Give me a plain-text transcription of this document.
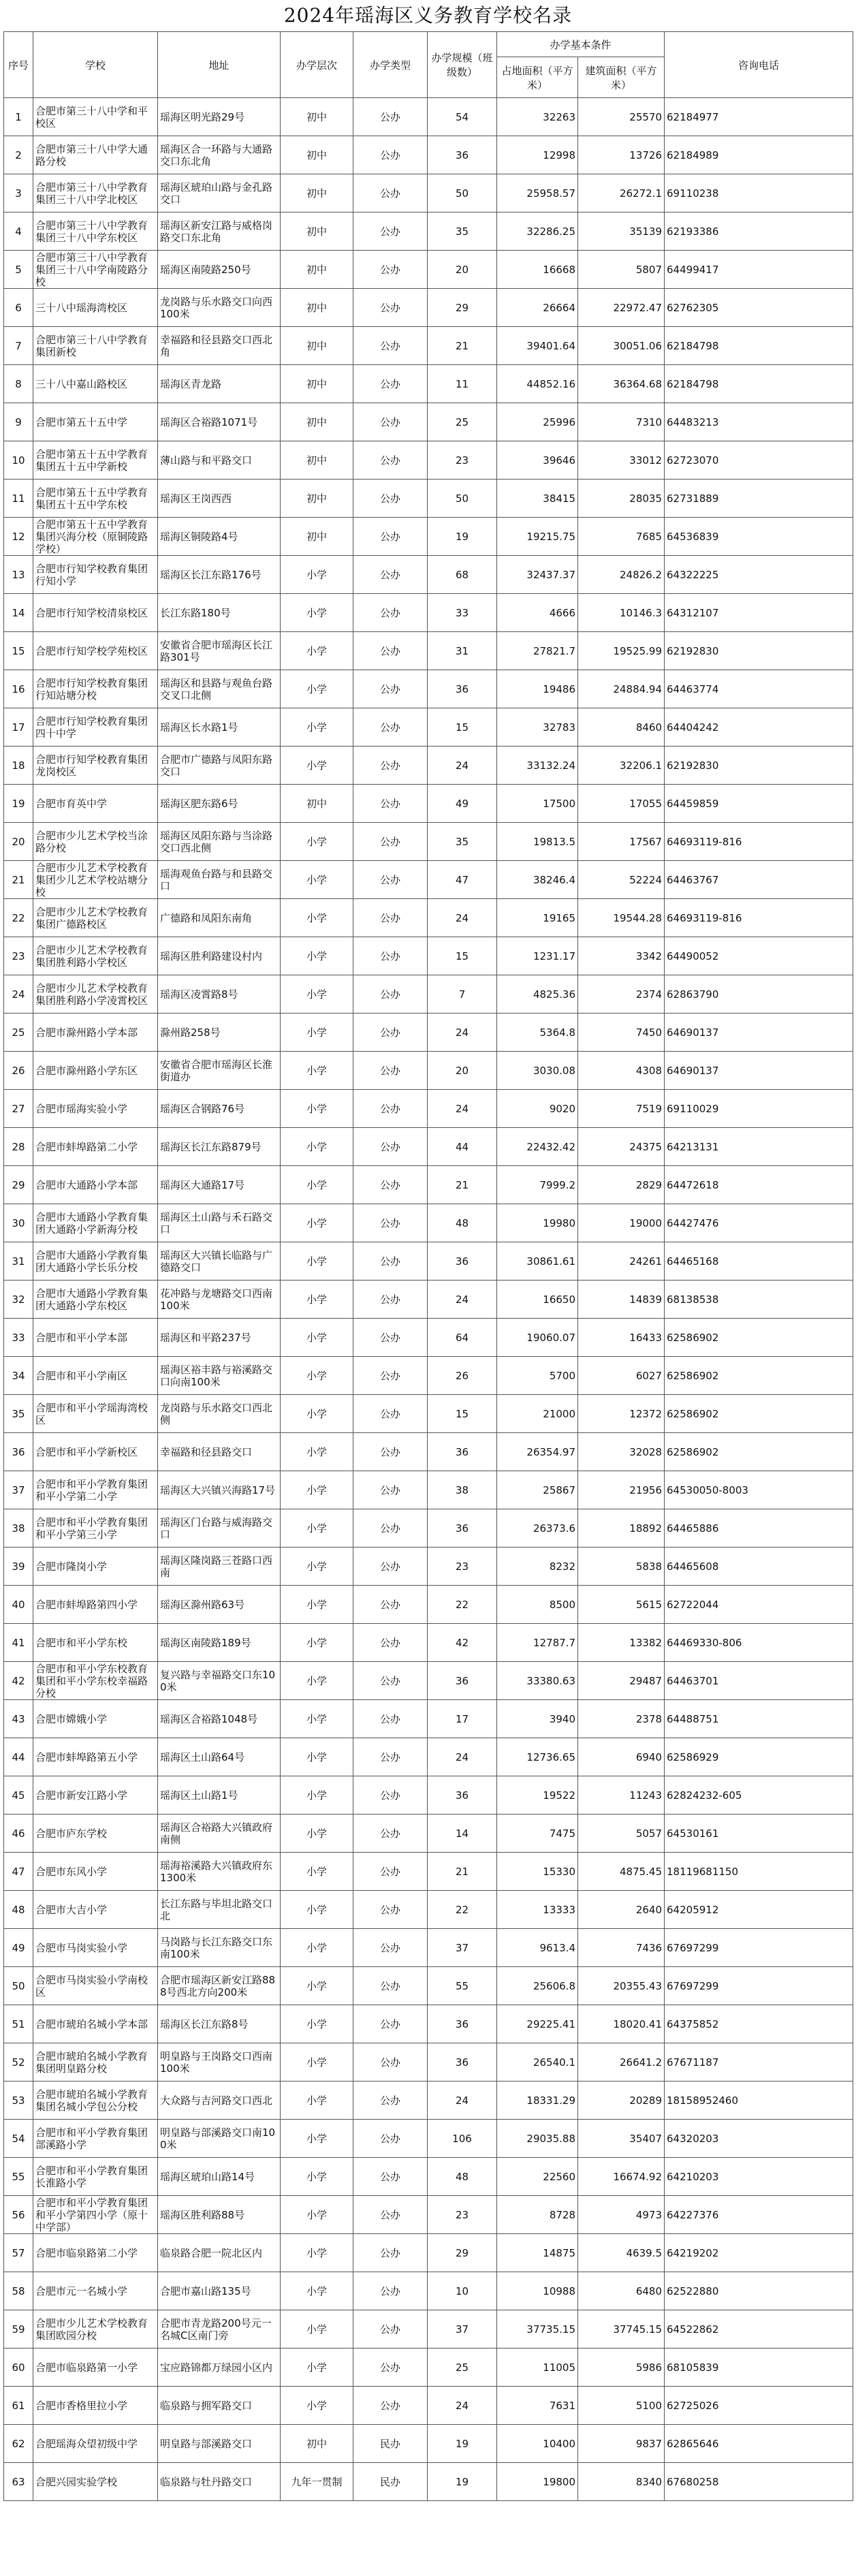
2024年瑶海区义务教育学校名录
序号	学校	地址	办学层次	办学类型	办学规模（班级数）	办学基本条件		咨询电话
						占地面积（平方米）	建筑面积（平方米）	
1	合肥市第三十八中学和平校区	瑶海区明光路29号	初中	公办	54	32263	25570	62184977
2	合肥市第三十八中学大通路分校	瑶海区合一环路与大通路交口东北角	初中	公办	36	12998	13726	62184989
3	合肥市第三十八中学教育集团三十八中学北校区	瑶海区琥珀山路与金孔路交口	初中	公办	50	25958.57	26272.1	69110238
4	合肥市第三十八中学教育集团三十八中学东校区	瑶海区新安江路与威格岗路交口东北角	初中	公办	35	32286.25	35139	62193386
5	合肥市第三十八中学教育集团三十八中学南陵路分校	瑶海区南陵路250号	初中	公办	20	16668	5807	64499417
6	三十八中瑶海湾校区	龙岗路与乐水路交口向西100米	初中	公办	29	26664	22972.47	62762305
7	合肥市第三十八中学教育集团新校	幸福路和径县路交口西北角	初中	公办	21	39401.64	30051.06	62184798
8	三十八中嘉山路校区	瑶海区青龙路	初中	公办	11	44852.16	36364.68	62184798
9	合肥市第五十五中学	瑶海区合裕路1071号	初中	公办	25	25996	7310	64483213
10	合肥市第五十五中学教育集团五十五中学新校	薄山路与和平路交口	初中	公办	23	39646	33012	62723070
11	合肥市第五十五中学教育集团五十五中学东校	瑶海区王岗西西	初中	公办	50	38415	28035	62731889
12	合肥市第五十五中学教育集团兴海分校（原铜陵路学校）	瑶海区铜陵路4号	初中	公办	19	19215.75	7685	64536839
13	合肥市行知学校教育集团行知小学	瑶海区长江东路176号	小学	公办	68	32437.37	24826.2	64322225
14	合肥市行知学校清泉校区	长江东路180号	小学	公办	33	4666	10146.3	64312107
15	合肥市行知学校学苑校区	安徽省合肥市瑶海区长江路301号	小学	公办	31	27821.7	19525.99	62192830
16	合肥市行知学校教育集团行知站塘分校	瑶海区和县路与观鱼台路交叉口北侧	小学	公办	36	19486	24884.94	64463774
17	合肥市行知学校教育集团四十中学	瑶海区长水路1号	小学	公办	15	32783	8460	64404242
18	合肥市行知学校教育集团龙岗校区	合肥市广德路与凤阳东路交口	小学	公办	24	33132.24	32206.1	62192830
19	合肥市育英中学	瑶海区肥东路6号	初中	公办	49	17500	17055	64459859
20	合肥市少儿艺术学校当涂路分校	瑶海区凤阳东路与当涂路交口西北侧	小学	公办	35	19813.5	17567	64693119-816
21	合肥市少儿艺术学校教育集团少儿艺术学校站塘分校	瑶海观鱼台路与和县路交口	小学	公办	47	38246.4	52224	64463767
22	合肥市少儿艺术学校教育集团广德路校区	广德路和凤阳东南角	小学	公办	24	19165	19544.28	64693119-816
23	合肥市少儿艺术学校教育集团胜利路小学校区	瑶海区胜利路建设村内	小学	公办	15	1231.17	3342	64490052
24	合肥市少儿艺术学校教育集团胜利路小学凌霄校区	瑶海区凌霄路8号	小学	公办	7	4825.36	2374	62863790
25	合肥市滁州路小学本部	滁州路258号	小学	公办	24	5364.8	7450	64690137
26	合肥市滁州路小学东区	安徽省合肥市瑶海区长淮街道办	小学	公办	20	3030.08	4308	64690137
27	合肥市瑶海实验小学	瑶海区合钢路76号	小学	公办	24	9020	7519	69110029
28	合肥市蚌埠路第二小学	瑶海区长江东路879号	小学	公办	44	22432.42	24375	64213131
29	合肥市大通路小学本部	瑶海区大通路17号	小学	公办	21	7999.2	2829	64472618
30	合肥市大通路小学教育集团大通路小学新海分校	瑶海区土山路与禾石路交口	小学	公办	48	19980	19000	64427476
31	合肥市大通路小学教育集团大通路小学长乐分校	瑶海区大兴镇长临路与广德路交口	小学	公办	36	30861.61	24261	64465168
32	合肥市大通路小学教育集团大通路小学东校区	花冲路与龙塘路交口西南100米	小学	公办	24	16650	14839	68138538
33	合肥市和平小学本部	瑶海区和平路237号	小学	公办	64	19060.07	16433	62586902
34	合肥市和平小学南区	瑶海区裕丰路与裕溪路交口向南100米	小学	公办	26	5700	6027	62586902
35	合肥市和平小学瑶海湾校区	龙岗路与乐水路交口西北侧	小学	公办	15	21000	12372	62586902
36	合肥市和平小学新校区	幸福路和径县路交口	小学	公办	36	26354.97	32028	62586902
37	合肥市和平小学教育集团和平小学第二小学	瑶海区大兴镇兴海路17号	小学	公办	38	25867	21956	64530050-8003
38	合肥市和平小学教育集团和平小学第三小学	瑶海区门台路与威海路交口	小学	公办	36	26373.6	18892	64465886
39	合肥市隆岗小学	瑶海区隆岗路三苍路口西南	小学	公办	23	8232	5838	64465608
40	合肥市蚌埠路第四小学	瑶海区滁州路63号	小学	公办	22	8500	5615	62722044
41	合肥市和平小学东校	瑶海区南陵路189号	小学	公办	42	12787.7	13382	64469330-806
42	合肥市和平小学东校教育集团和平小学东校幸福路分校	复兴路与幸福路交口东100米	小学	公办	36	33380.63	29487	64463701
43	合肥市嫦娥小学	瑶海区合裕路1048号	小学	公办	17	3940	2378	64488751
44	合肥市蚌埠路第五小学	瑶海区土山路64号	小学	公办	24	12736.65	6940	62586929
45	合肥市新安江路小学	瑶海区土山路1号	小学	公办	36	19522	11243	62824232-605
46	合肥市庐东学校	瑶海区合裕路大兴镇政府南侧	小学	公办	14	7475	5057	64530161
47	合肥市东风小学	瑶海裕溪路大兴镇政府东1300米	小学	公办	21	15330	4875.45	18119681150
48	合肥市大吉小学	长江东路与毕坦北路交口北	小学	公办	22	13333	2640	64205912
49	合肥市马岗实验小学	马岗路与长江东路交口东南100米	小学	公办	37	9613.4	7436	67697299
50	合肥市马岗实验小学南校区	合肥市瑶海区新安江路888号西北方向200米	小学	公办	55	25606.8	20355.43	67697299
51	合肥市琥珀名城小学本部	瑶海区长江东路8号	小学	公办	36	29225.41	18020.41	64375852
52	合肥市琥珀名城小学教育集团明皇路分校	明皇路与王岗路交口西南100米	小学	公办	36	26540.1	26641.2	67671187
53	合肥市琥珀名城小学教育集团名城小学包公分校	大众路与吉河路交口西北	小学	公办	24	18331.29	20289	18158952460
54	合肥市和平小学教育集团部溪路小学	明皇路与部溪路交口南100米	小学	公办	106	29035.88	35407	64320203
55	合肥市和平小学教育集团长淮路小学	瑶海区琥珀山路14号	小学	公办	48	22560	16674.92	64210203
56	合肥市和平小学教育集团和平小学第四小学（原十中学部）	瑶海区胜利路88号	小学	公办	23	8728	4973	64227376
57	合肥市临泉路第二小学	临泉路合肥一院北区内	小学	公办	29	14875	4639.5	64219202
58	合肥市元一名城小学	合肥市嘉山路135号	小学	公办	10	10988	6480	62522880
59	合肥市少儿艺术学校教育集团欧园分校	合肥市青龙路200号元一名城C区南门旁	小学	公办	37	37735.15	37745.15	64522862
60	合肥市临泉路第一小学	宝应路锦都万绿园小区内	小学	公办	25	11005	5986	68105839
61	合肥市香格里拉小学	临泉路与拥军路交口	小学	公办	24	7631	5100	62725026
62	合肥瑶海众望初级中学	明皇路与部溪路交口	初中	民办	19	10400	9837	62865646
63	合肥兴园实验学校	临泉路与牡丹路交口	九年一贯制	民办	19	19800	8340	67680258
